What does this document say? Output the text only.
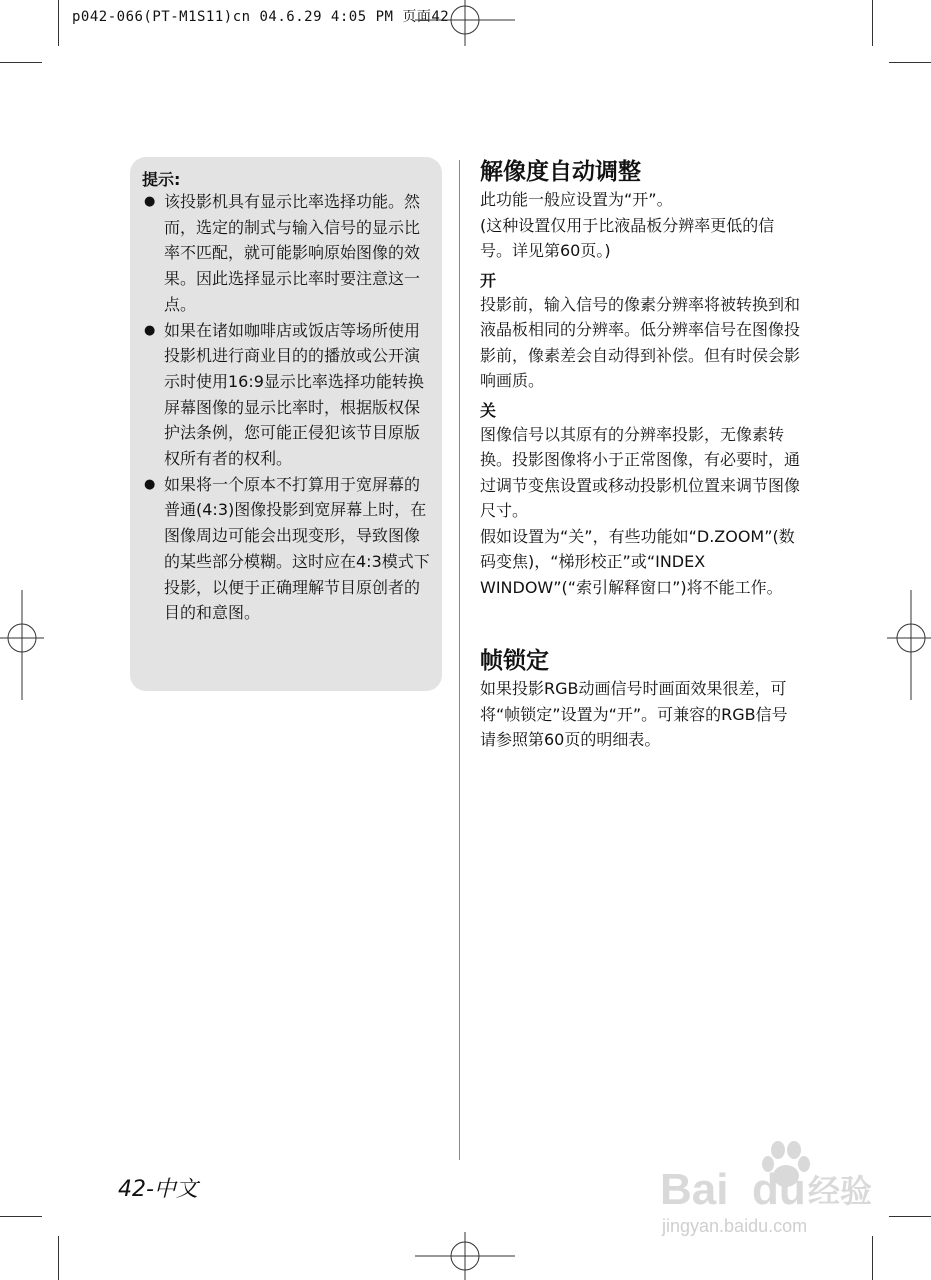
p042-066(PT-M1S11)cn 04.6.29 4:05 PM 页面42
提示:
● 该投影机具有显示比率选择功能。然而，选定的制式与输入信号的显示比率不匹配，就可能影响原始图像的效果。因此选择显示比率时要注意这一点。
● 如果在诸如咖啡店或饭店等场所使用投影机进行商业目的的播放或公开演示时使用16:9显示比率选择功能转换屏幕图像的显示比率时，根据版权保护法条例，您可能正侵犯该节目原版权所有者的权利。
● 如果将一个原本不打算用于宽屏幕的普通(4:3)图像投影到宽屏幕上时，在图像周边可能会出现变形，导致图像的某些部分模糊。这时应在4:3模式下投影，以便于正确理解节目原创者的目的和意图。
解像度自动调整

此功能一般应设置为“开”。

(这种设置仅用于比液晶板分辨率更低的信号。详见第60页。)

开

投影前，输入信号的像素分辨率将被转换到和液晶板相同的分辨率。低分辨率信号在图像投影前，像素差会自动得到补偿。但有时侯会影响画质。

关

图像信号以其原有的分辨率投影，无像素转换。投影图像将小于正常图像，有必要时，通过调节变焦设置或移动投影机位置来调节图像尺寸。

假如设置为“关”，有些功能如“D.ZOOM”(数码变焦)，“梯形校正”或“INDEX WINDOW”(“索引解释窗口”)将不能工作。

帧锁定

如果投影RGB动画信号时画面效果很差，可将“帧锁定”设置为“开”。可兼容的RGB信号请参照第60页的明细表。

42-中文	Bai du 经验
jingyan.baidu.com
